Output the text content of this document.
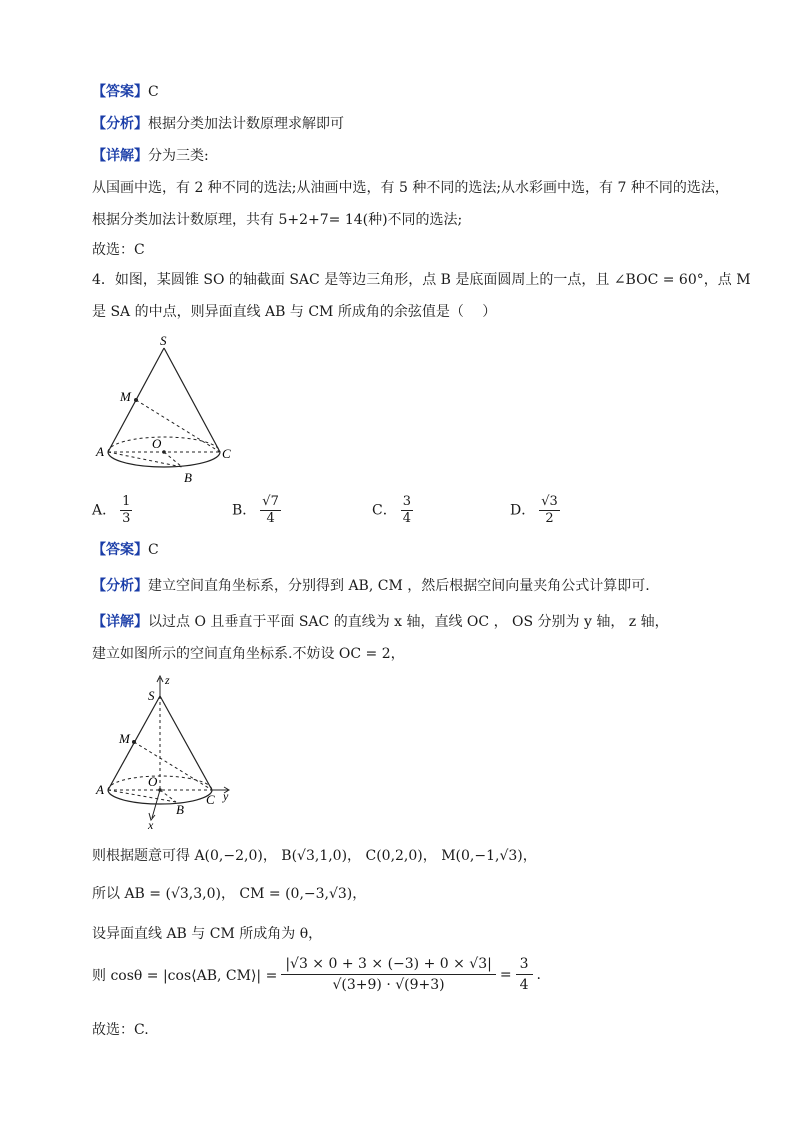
【答案】C
【分析】根据分类加法计数原理求解即可
【详解】分为三类:
从国画中选，有 2 种不同的选法;从油画中选，有 5 种不同的选法;从水彩画中选，有 7 种不同的选法，
根据分类加法计数原理，共有 5+2+7= 14(种)不同的选法;
故选：C
4．如图，某圆锥 SO 的轴截面 SAC 是等边三角形，点 B 是底面圆周上的一点，且 ∠BOC = 60°，点 M
是 SA 的中点，则异面直线 AB 与 CM 所成角的余弦值是（　 ）
S
M
A
O
C
B
A． $\frac{1}{3}$	B． $\frac{√7}{4}$	C． $\frac{3}{4}$	D． $\frac{√3}{2}$
【答案】C
【分析】建立空间直角坐标系，分别得到 AB, CM ，然后根据空间向量夹角公式计算即可.
【详解】以过点 O 且垂直于平面 SAC 的直线为 x 轴，直线 OC ， OS 分别为 y 轴， z 轴，
建立如图所示的空间直角坐标系.不妨设 OC = 2，
z
S
M
A
O
C y
B
x
则根据题意可得 A(0,−2,0)， B(√3,1,0)， C(0,2,0)， M(0,−1,√3)，
所以 AB = (√3,3,0)， CM = (0,−3,√3)，
设异面直线 AB 与 CM 所成角为 θ，
则 cosθ = |cos⟨AB, CM⟩| = $\frac{|√3 \times 0 + 3 \times (-3) + 0 \times √3|}{√(3+9) \cdot √(9+3)} = \frac{3}{4}$ .
故选：C.
